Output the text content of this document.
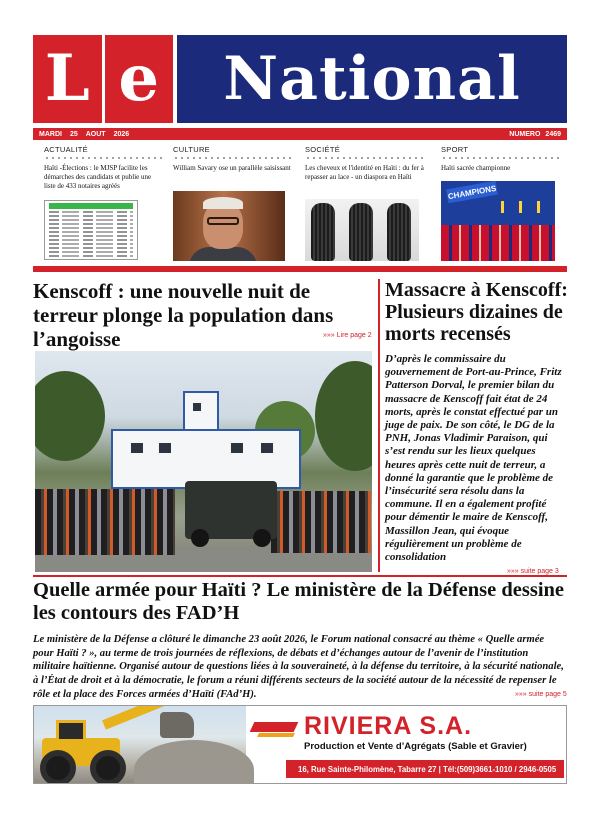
L e	National
MARDI 25 AOUT 2026	NUMERO 2469
ACTUALITÉ
Haïti -Élections : le MJSP facilite les démarches des candidats et publie une liste de 433 notaires agréés
CULTURE
William Savary ose un parallèle saisissant
SOCIÉTÉ
Les cheveux et l'identité en Haïti : du fer à repasser au lace - un diaspora en Haïti
SPORT
Haïti sacrée championne
CHAMPIONS
Kenscoff : une nouvelle nuit de terreur plonge la population dans l’angoisse	»»» Lire page 2
Massacre à Kenscoff: Plusieurs dizaines de morts recensés
D’après le commissaire du gouvernement de Port-au-Prince, Fritz Patterson Dorval, le premier bilan du massacre de Kenscoff fait état de 24 morts, après le constat effectué par un juge de paix. De son côté, le DG de la PNH, Jonas Vladimir Paraison, qui s’est rendu sur les lieux quelques heures après cette nuit de terreur, a donné la garantie que le problème de l’insécurité sera résolu dans la commune. Il en a également profité pour démentir le maire de Kenscoff, Massillon Jean, qui évoque régulièrement un problème de consolidation
»»» suite page 3
Quelle armée pour Haïti ? Le ministère de la Défense dessine les contours des FAD’H
Le ministère de la Défense a clôturé le dimanche 23 août 2026, le Forum national consacré au thème « Quelle armée pour Haïti ? », au terme de trois journées de réflexions, de débats et d’échanges autour de l’avenir de l’institution militaire haïtienne. Organisé autour de questions liées à la souveraineté, à la défense du territoire, à la sécurité nationale, à l’État de droit et à la démocratie, le forum a réuni différents secteurs de la société autour de la nécessité de repenser le rôle et la place des Forces armées d’Haïti (FAd’H).	»»» suite page 5
RIVIERA S.A.
Production et Vente d’Agrégats (Sable et Gravier)
16, Rue Sainte-Philomène, Tabarre 27 | Tél:(509)3661-1010 / 2946-0505
